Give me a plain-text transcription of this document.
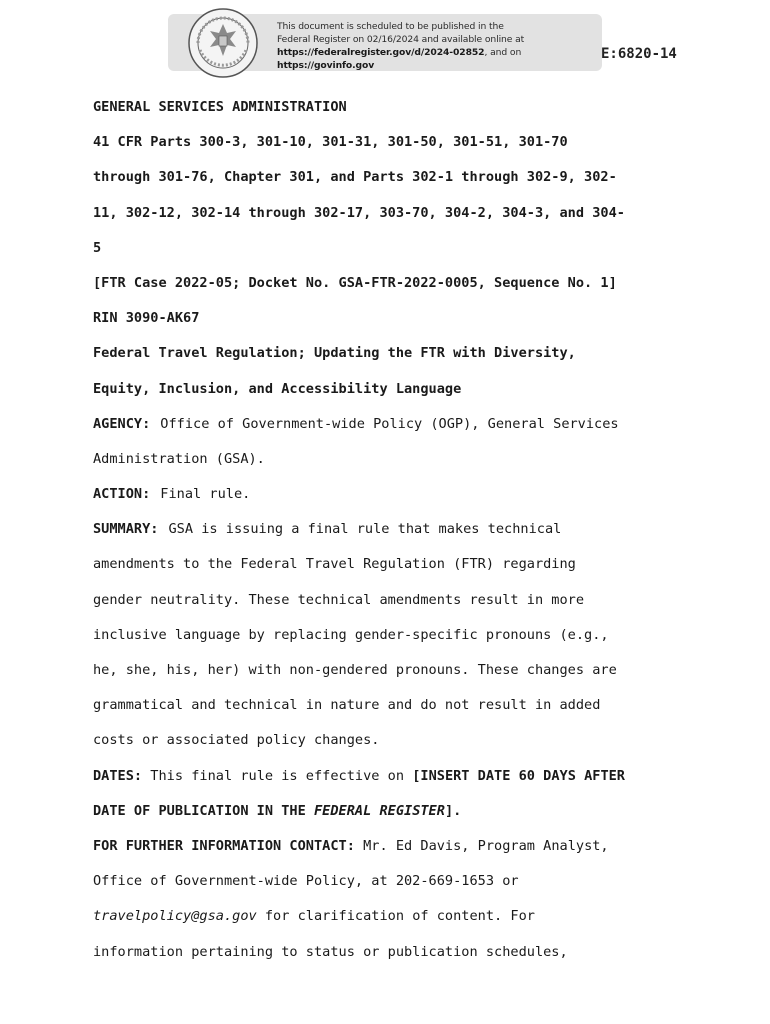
This document is scheduled to be published in the
Federal Register on 02/16/2024 and available online at
https://federalregister.gov/d/2024-02852, and on https://govinfo.gov
E:6820-14
GENERAL SERVICES ADMINISTRATION
41 CFR Parts 300-3, 301-10, 301-31, 301-50, 301-51, 301-70
through 301-76, Chapter 301, and Parts 302-1 through 302-9, 302-
11, 302-12, 302-14 through 302-17, 303-70, 304-2, 304-3, and 304-
5
[FTR Case 2022-05; Docket No. GSA-FTR-2022-0005, Sequence No. 1]
RIN 3090-AK67
Federal Travel Regulation; Updating the FTR with Diversity,
Equity, Inclusion, and Accessibility Language
AGENCY: Office of Government-wide Policy (OGP), General Services
Administration (GSA).
ACTION: Final rule.
SUMMARY: GSA is issuing a final rule that makes technical
amendments to the Federal Travel Regulation (FTR) regarding
gender neutrality. These technical amendments result in more
inclusive language by replacing gender-specific pronouns (e.g.,
he, she, his, her) with non-gendered pronouns. These changes are
grammatical and technical in nature and do not result in added
costs or associated policy changes.
DATES: This final rule is effective on [INSERT DATE 60 DAYS AFTER
DATE OF PUBLICATION IN THE FEDERAL REGISTER].
FOR FURTHER INFORMATION CONTACT: Mr. Ed Davis, Program Analyst,
Office of Government-wide Policy, at 202-669-1653 or
travelpolicy@gsa.gov for clarification of content. For
information pertaining to status or publication schedules,
